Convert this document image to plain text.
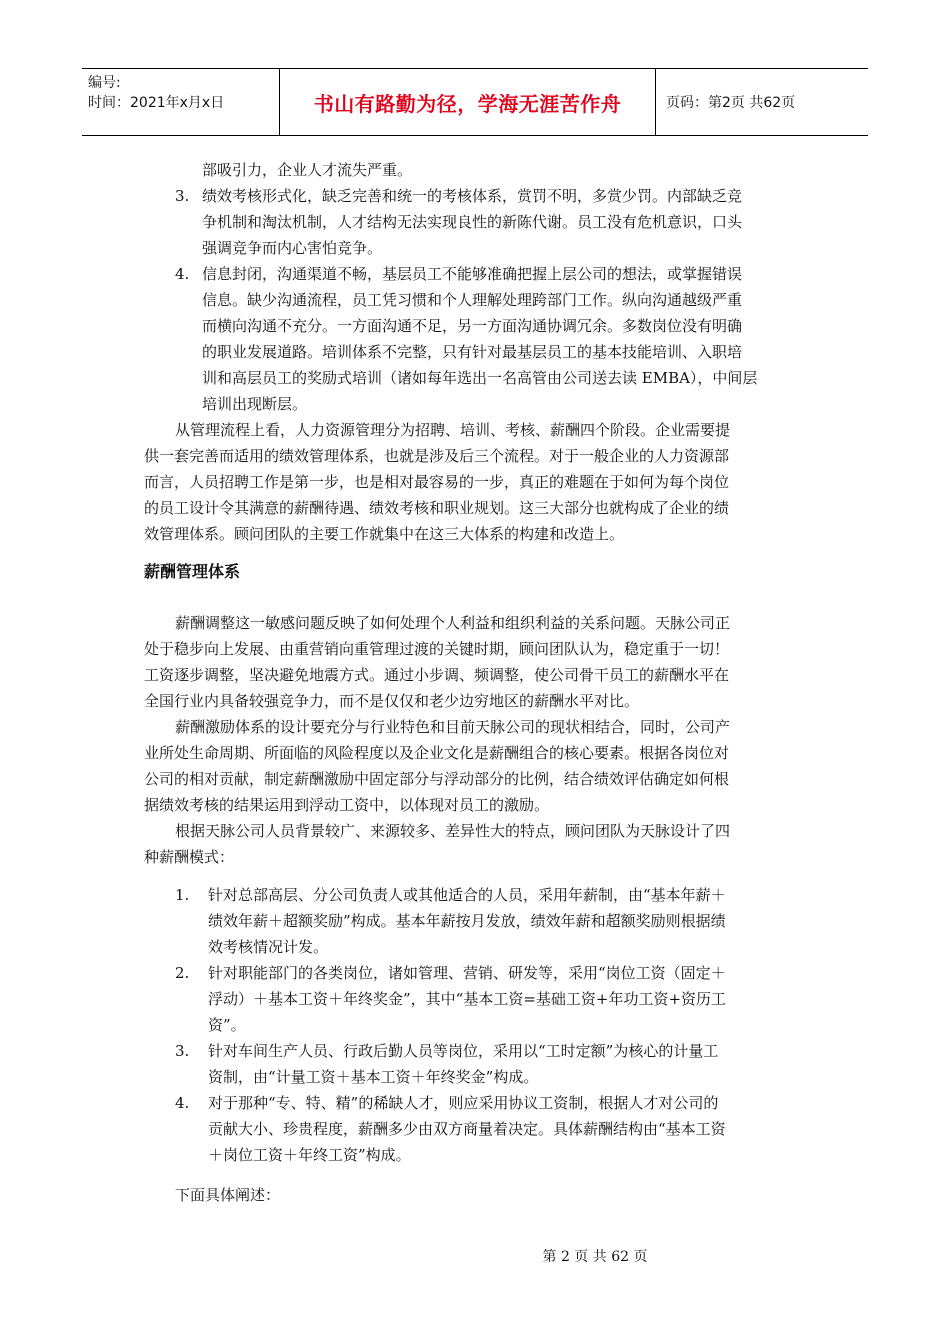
编号:
时间：2021年x月x日	书山有路勤为径，学海无涯苦作舟	页码：第2页 共62页
部吸引力，企业人才流失严重。
3. 绩效考核形式化，缺乏完善和统一的考核体系，赏罚不明，多赏少罚。内部缺乏竞
争机制和淘汰机制，人才结构无法实现良性的新陈代谢。员工没有危机意识，口头
强调竞争而内心害怕竞争。
4. 信息封闭，沟通渠道不畅，基层员工不能够准确把握上层公司的想法，或掌握错误
信息。缺少沟通流程，员工凭习惯和个人理解处理跨部门工作。纵向沟通越级严重
而横向沟通不充分。一方面沟通不足，另一方面沟通协调冗余。多数岗位没有明确
的职业发展道路。培训体系不完整，只有针对最基层员工的基本技能培训、入职培
训和高层员工的奖励式培训（诸如每年选出一名高管由公司送去读 EMBA），中间层
培训出现断层。
从管理流程上看，人力资源管理分为招聘、培训、考核、薪酬四个阶段。企业需要提
供一套完善而适用的绩效管理体系，也就是涉及后三个流程。对于一般企业的人力资源部
而言，人员招聘工作是第一步，也是相对最容易的一步，真正的难题在于如何为每个岗位
的员工设计令其满意的薪酬待遇、绩效考核和职业规划。这三大部分也就构成了企业的绩
效管理体系。顾问团队的主要工作就集中在这三大体系的构建和改造上。
薪酬管理体系
薪酬调整这一敏感问题反映了如何处理个人利益和组织利益的关系问题。天脉公司正
处于稳步向上发展、由重营销向重管理过渡的关键时期，顾问团队认为，稳定重于一切！
工资逐步调整，坚决避免地震方式。通过小步调、频调整，使公司骨干员工的薪酬水平在
全国行业内具备较强竞争力，而不是仅仅和老少边穷地区的薪酬水平对比。
薪酬激励体系的设计要充分与行业特色和目前天脉公司的现状相结合，同时，公司产
业所处生命周期、所面临的风险程度以及企业文化是薪酬组合的核心要素。根据各岗位对
公司的相对贡献，制定薪酬激励中固定部分与浮动部分的比例，结合绩效评估确定如何根
据绩效考核的结果运用到浮动工资中，以体现对员工的激励。
根据天脉公司人员背景较广、来源较多、差异性大的特点，顾问团队为天脉设计了四
种薪酬模式：
1. 针对总部高层、分公司负责人或其他适合的人员，采用年薪制，由“基本年薪＋
绩效年薪＋超额奖励”构成。基本年薪按月发放，绩效年薪和超额奖励则根据绩
效考核情况计发。
2. 针对职能部门的各类岗位，诸如管理、营销、研发等，采用“岗位工资（固定＋
浮动）＋基本工资＋年终奖金”，其中“基本工资=基础工资+年功工资+资历工
资”。
3. 针对车间生产人员、行政后勤人员等岗位，采用以“工时定额”为核心的计量工
资制，由“计量工资＋基本工资＋年终奖金”构成。
4. 对于那种“专、特、精”的稀缺人才，则应采用协议工资制，根据人才对公司的
贡献大小、珍贵程度，薪酬多少由双方商量着决定。具体薪酬结构由“基本工资
＋岗位工资＋年终工资”构成。
下面具体阐述：
第 2 页 共 62 页
